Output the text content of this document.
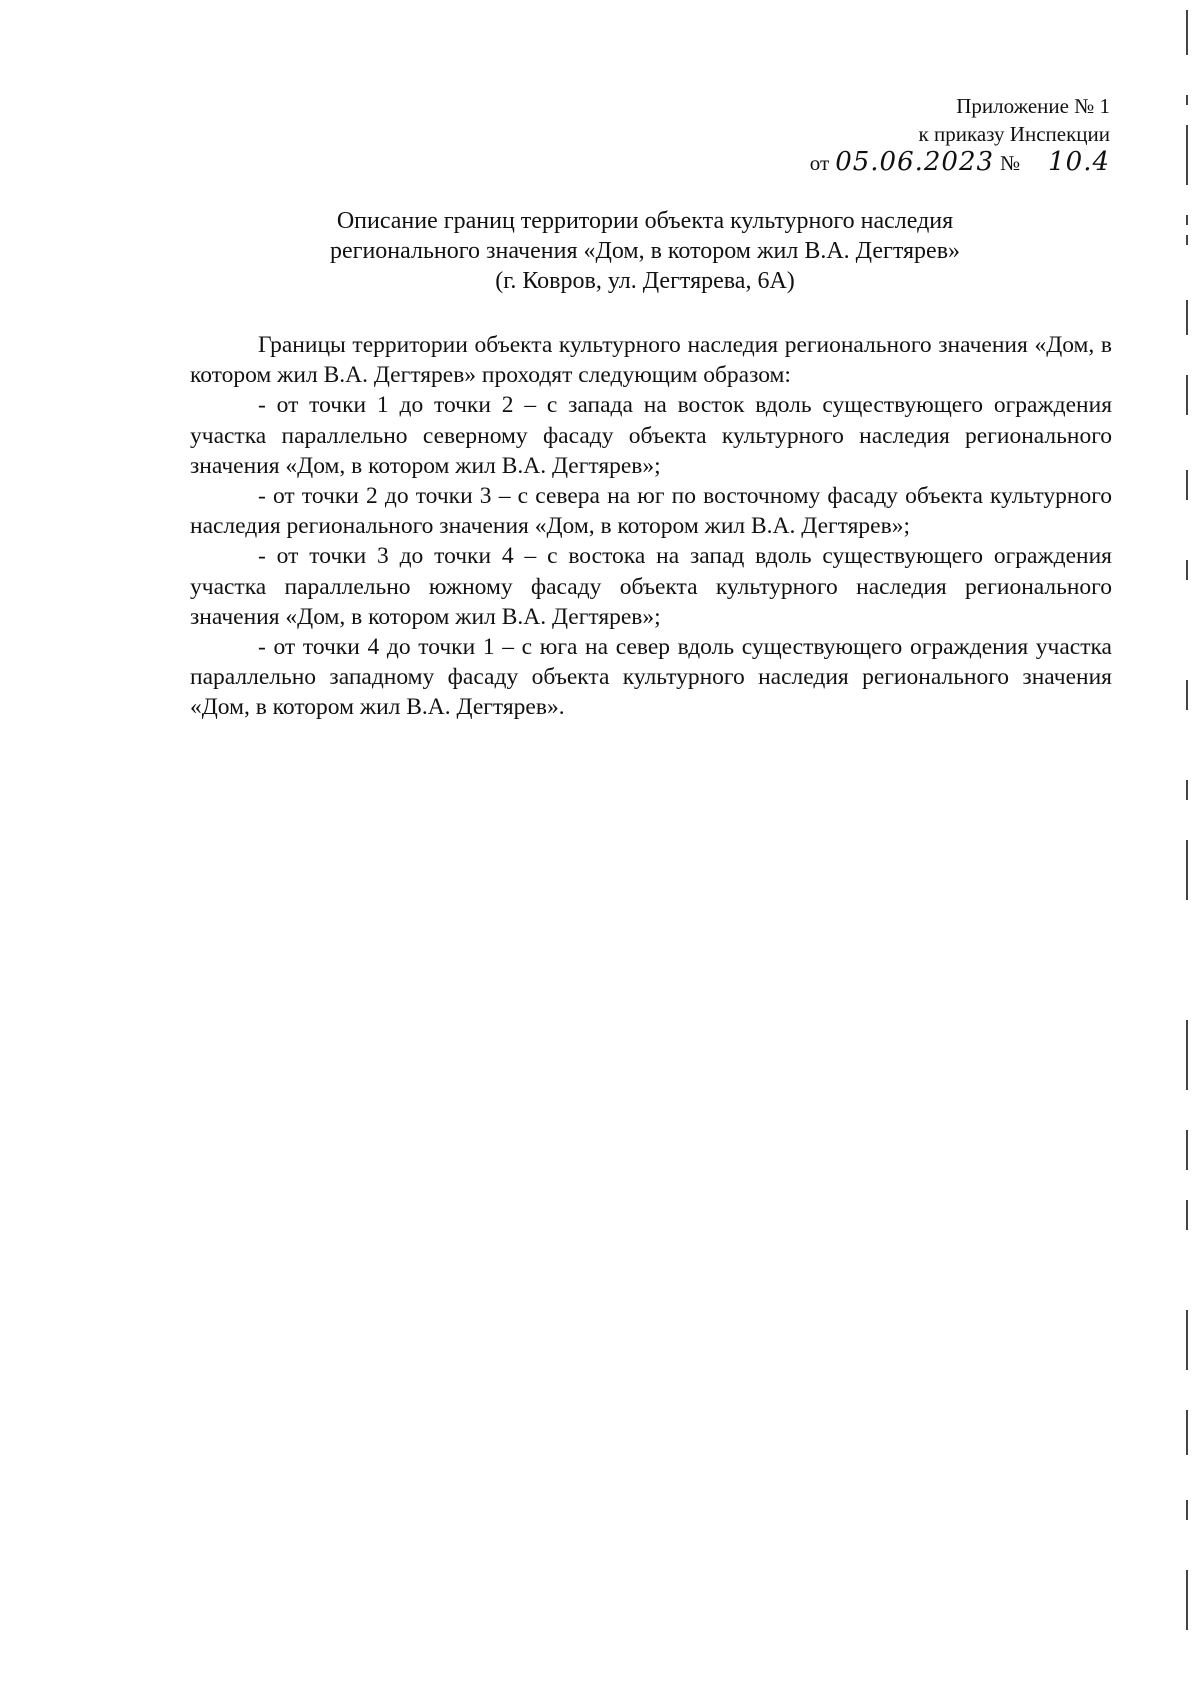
Приложение № 1
к приказу Инспекции
от 05.06.2023 № 10.4
Описание границ территории объекта культурного наследия
регионального значения «Дом, в котором жил В.А. Дегтярев»
(г. Ковров, ул. Дегтярева, 6А)

Границы территории объекта культурного наследия регионального значения «Дом, в котором жил В.А. Дегтярев» проходят следующим образом:

- от точки 1 до точки 2 – с запада на восток вдоль существующего ограждения участка параллельно северному фасаду объекта культурного наследия регионального значения «Дом, в котором жил В.А. Дегтярев»;

- от точки 2 до точки 3 – с севера на юг по восточному фасаду объекта культурного наследия регионального значения «Дом, в котором жил В.А. Дегтярев»;

- от точки 3 до точки 4 – с востока на запад вдоль существующего ограждения участка параллельно южному фасаду объекта культурного наследия регионального значения «Дом, в котором жил В.А. Дегтярев»;

- от точки 4 до точки 1 – с юга на север вдоль существующего ограждения участка параллельно западному фасаду объекта культурного наследия регионального значения «Дом, в котором жил В.А. Дегтярев».
